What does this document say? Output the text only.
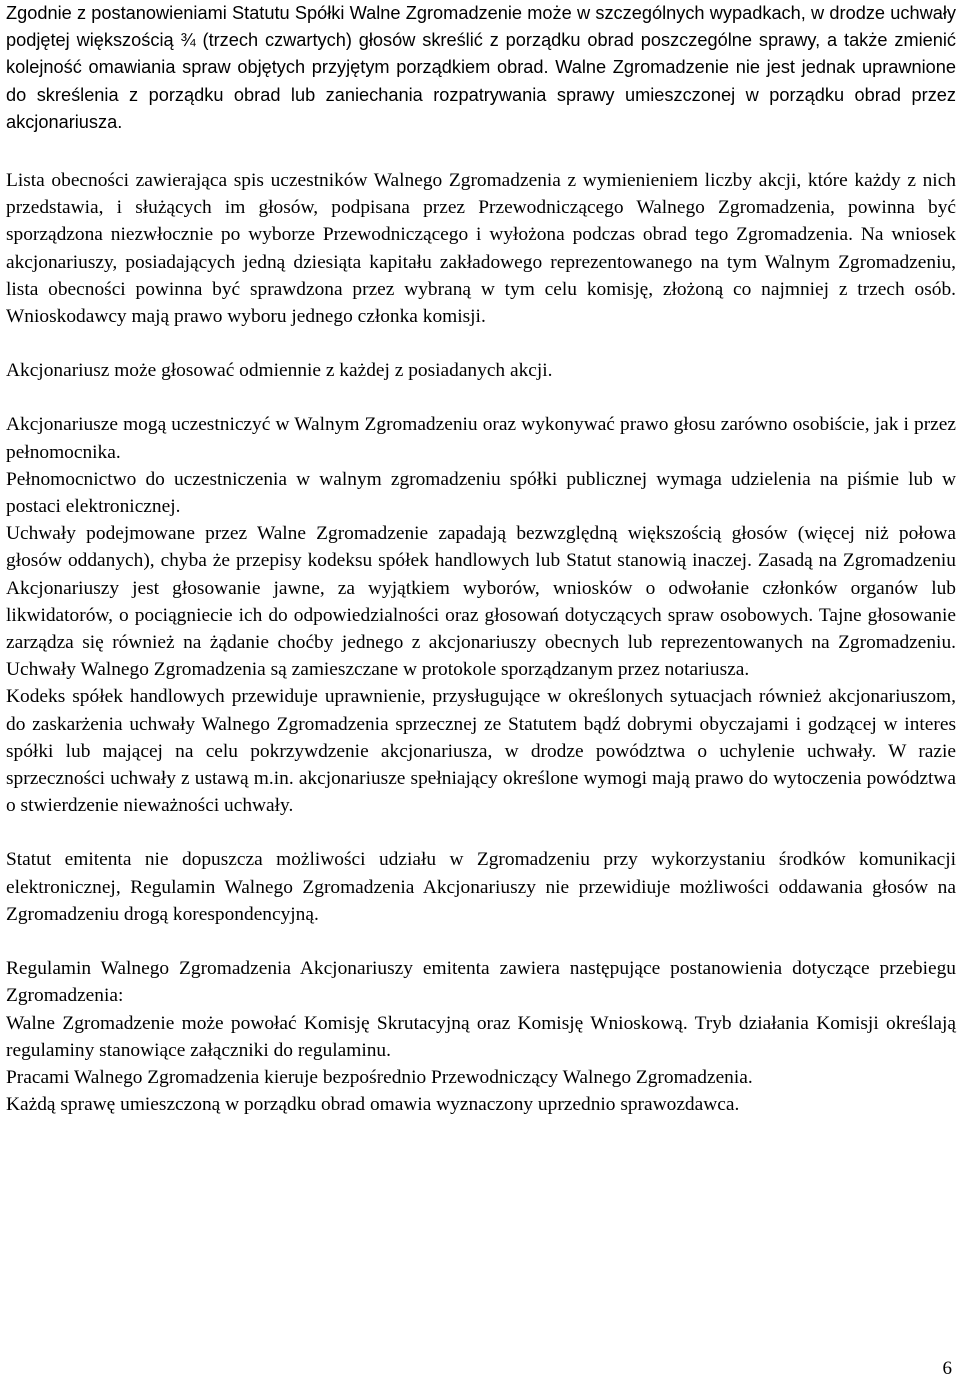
Zgodnie z postanowieniami Statutu Spółki Walne Zgromadzenie może w szczególnych wypadkach, w drodze uchwały podjętej większością ¾ (trzech czwartych) głosów skreślić z porządku obrad poszczególne sprawy, a także zmienić kolejność omawiania spraw objętych przyjętym porządkiem obrad. Walne Zgromadzenie nie jest jednak uprawnione do skreślenia z porządku obrad lub zaniechania rozpatrywania sprawy umieszczonej w porządku obrad przez akcjonariusza.

Lista obecności zawierająca spis uczestników Walnego Zgromadzenia z wymienieniem liczby akcji, które każdy z nich przedstawia, i służących im głosów, podpisana przez Przewodniczącego Walnego Zgromadzenia, powinna być sporządzona niezwłocznie po wyborze Przewodniczącego i wyłożona podczas obrad tego Zgromadzenia. Na wniosek akcjonariuszy, posiadających jedną dziesiąta kapitału zakładowego reprezentowanego na tym Walnym Zgromadzeniu, lista obecności powinna być sprawdzona przez wybraną w tym celu komisję, złożoną co najmniej z trzech osób. Wnioskodawcy mają prawo wyboru jednego członka komisji.

Akcjonariusz może głosować odmiennie z każdej z posiadanych akcji.

Akcjonariusze mogą uczestniczyć w Walnym Zgromadzeniu oraz wykonywać prawo głosu zarówno osobiście, jak i przez pełnomocnika.

Pełnomocnictwo do uczestniczenia w walnym zgromadzeniu spółki publicznej wymaga udzielenia na piśmie lub w postaci elektronicznej.

Uchwały podejmowane przez Walne Zgromadzenie zapadają bezwzględną większością głosów (więcej niż połowa głosów oddanych), chyba że przepisy kodeksu spółek handlowych lub Statut stanowią inaczej. Zasadą na Zgromadzeniu Akcjonariuszy jest głosowanie jawne, za wyjątkiem wyborów, wniosków o odwołanie członków organów lub likwidatorów, o pociągniecie ich do odpowiedzialności oraz głosowań dotyczących spraw osobowych. Tajne głosowanie zarządza się również na żądanie choćby jednego z akcjonariuszy obecnych lub reprezentowanych na Zgromadzeniu. Uchwały Walnego Zgromadzenia są zamieszczane w protokole sporządzanym przez notariusza.

Kodeks spółek handlowych przewiduje uprawnienie, przysługujące w określonych sytuacjach również akcjonariuszom, do zaskarżenia uchwały Walnego Zgromadzenia sprzecznej ze Statutem bądź dobrymi obyczajami i godzącej w interes spółki lub mającej na celu pokrzywdzenie akcjonariusza, w drodze powództwa o uchylenie uchwały. W razie sprzeczności uchwały z ustawą m.in. akcjonariusze spełniający określone wymogi mają prawo do wytoczenia powództwa o stwierdzenie nieważności uchwały.

Statut emitenta nie dopuszcza możliwości udziału w Zgromadzeniu przy wykorzystaniu środków komunikacji elektronicznej, Regulamin Walnego Zgromadzenia Akcjonariuszy nie przewidiuje możliwości oddawania głosów na Zgromadzeniu drogą korespondencyjną.

Regulamin Walnego Zgromadzenia Akcjonariuszy emitenta zawiera następujące postanowienia dotyczące przebiegu Zgromadzenia:

Walne Zgromadzenie może powołać Komisję Skrutacyjną oraz Komisję Wnioskową. Tryb działania Komisji określają regulaminy stanowiące załączniki do regulaminu.

Pracami Walnego Zgromadzenia kieruje bezpośrednio Przewodniczący Walnego Zgromadzenia.

Każdą sprawę umieszczoną w porządku obrad omawia wyznaczony uprzednio sprawozdawca.

6
